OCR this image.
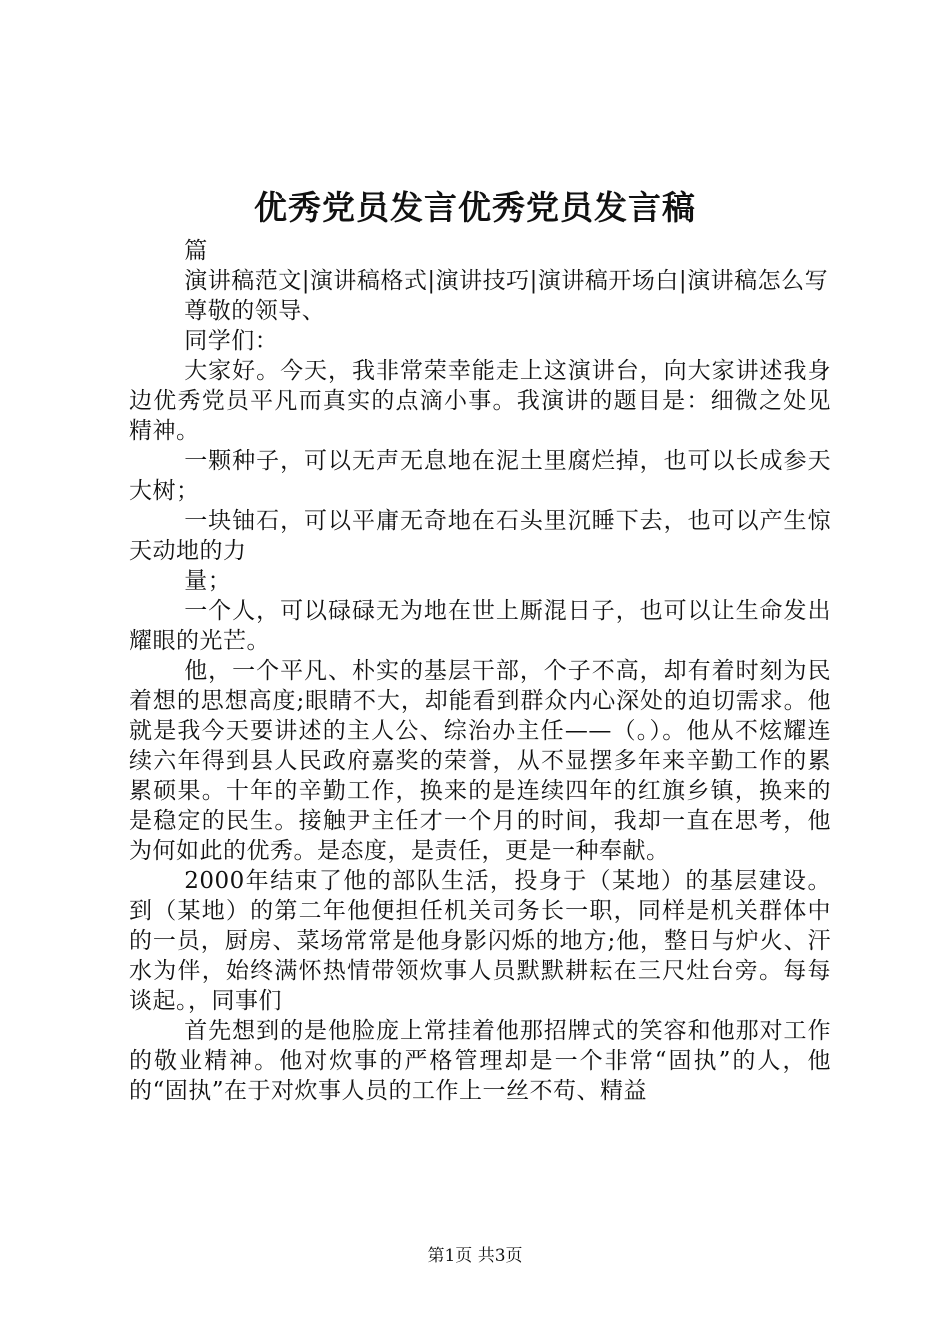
优秀党员发言优秀党员发言稿

篇

演讲稿范文|演讲稿格式|演讲技巧|演讲稿开场白|演讲稿怎么写

尊敬的领导、

同学们：

大家好。今天，我非常荣幸能走上这演讲台，向大家讲述我身边优秀党员平凡而真实的点滴小事。我演讲的题目是：细微之处见精神。

一颗种子，可以无声无息地在泥土里腐烂掉，也可以长成参天大树；

一块铀石，可以平庸无奇地在石头里沉睡下去，也可以产生惊天动地的力

量；

一个人，可以碌碌无为地在世上厮混日子，也可以让生命发出耀眼的光芒。

他，一个平凡、朴实的基层干部，个子不高，却有着时刻为民着想的思想高度;眼睛不大，却能看到群众内心深处的迫切需求。他就是我今天要讲述的主人公、综治办主任——（。）。他从不炫耀连续六年得到县人民政府嘉奖的荣誉，从不显摆多年来辛勤工作的累累硕果。十年的辛勤工作，换来的是连续四年的红旗乡镇，换来的是稳定的民生。接触尹主任才一个月的时间，我却一直在思考，他为何如此的优秀。是态度，是责任，更是一种奉献。

2000年结束了他的部队生活，投身于（某地）的基层建设。到（某地）的第二年他便担任机关司务长一职，同样是机关群体中的一员，厨房、菜场常常是他身影闪烁的地方;他，整日与炉火、汗水为伴，始终满怀热情带领炊事人员默默耕耘在三尺灶台旁。每每谈起。，同事们

首先想到的是他脸庞上常挂着他那招牌式的笑容和他那对工作的敬业精神。他对炊事的严格管理却是一个非常“固执”的人，他的“固执”在于对炊事人员的工作上一丝不苟、精益

第1页 共3页
